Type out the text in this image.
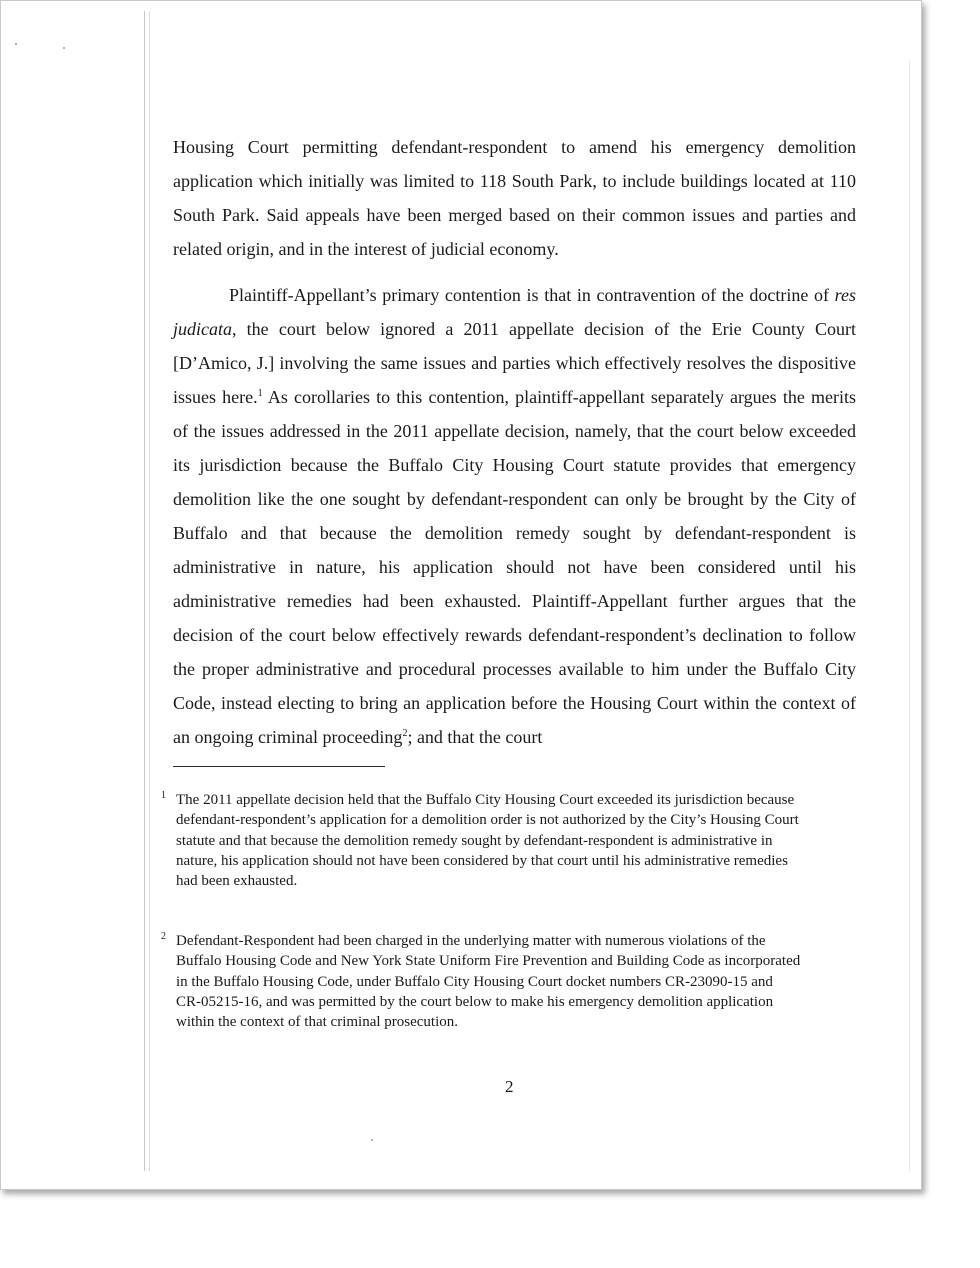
Housing Court permitting defendant-respondent to amend his emergency demolition application which initially was limited to 118 South Park, to include buildings located at 110 South Park. Said appeals have been merged based on their common issues and parties and related origin, and in the interest of judicial economy.

Plaintiff-Appellant’s primary contention is that in contravention of the doctrine of res judicata, the court below ignored a 2011 appellate decision of the Erie County Court [D’Amico, J.] involving the same issues and parties which effectively resolves the dispositive issues here.$^1$ As corollaries to this contention, plaintiff-appellant separately argues the merits of the issues addressed in the 2011 appellate decision, namely, that the court below exceeded its jurisdiction because the Buffalo City Housing Court statute provides that emergency demolition like the one sought by defendant-respondent can only be brought by the City of Buffalo and that because the demolition remedy sought by defendant-respondent is administrative in nature, his application should not have been considered until his administrative remedies had been exhausted. Plaintiff-Appellant further argues that the decision of the court below effectively rewards defendant-respondent’s declination to follow the proper administrative and procedural processes available to him under the Buffalo City Code, instead electing to bring an application before the Housing Court within the context of an ongoing criminal proceeding$^2$; and that the court

1 The 2011 appellate decision held that the Buffalo City Housing Court exceeded its jurisdiction because defendant-respondent’s application for a demolition order is not authorized by the City’s Housing Court statute and that because the demolition remedy sought by defendant-respondent is administrative in nature, his application should not have been considered by that court until his administrative remedies had been exhausted.
2 Defendant-Respondent had been charged in the underlying matter with numerous violations of the Buffalo Housing Code and New York State Uniform Fire Prevention and Building Code as incorporated in the Buffalo Housing Code, under Buffalo City Housing Court docket numbers CR-23090-15 and CR-05215-16, and was permitted by the court below to make his emergency demolition application within the context of that criminal prosecution.
2
